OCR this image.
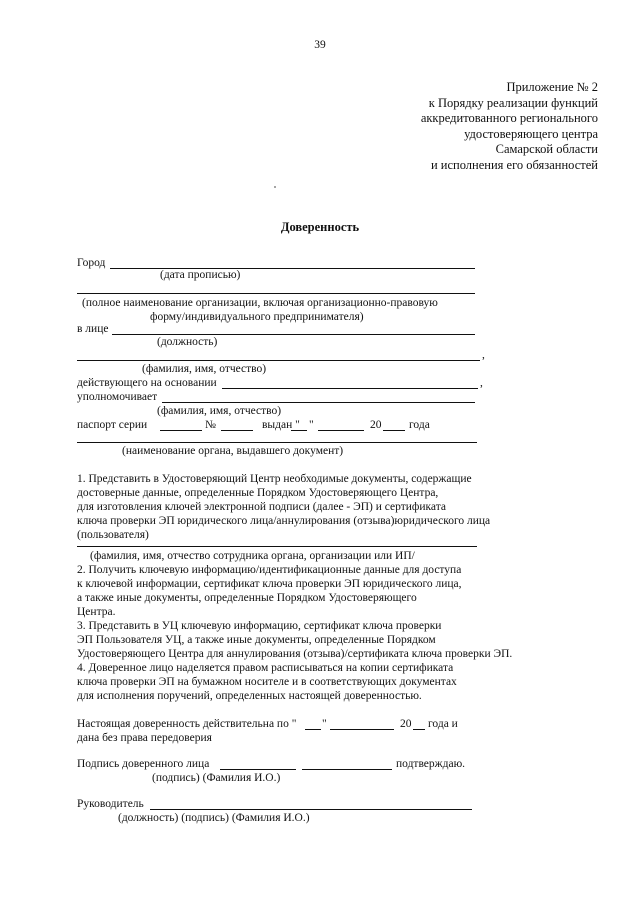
39
Приложение № 2
к Порядку реализации функций
аккредитованного регионального
удостоверяющего центра
Самарской области
и исполнения его обязанностей
Доверенность
Город
(дата прописью)
(полное наименование организации, включая организационно-правовую
форму/индивидуального предпринимателя)
в лице
(должность)
,
(фамилия, имя, отчество)
действующего на основании	,
уполномочивает
(фамилия, имя, отчество)
паспорт серии	№	выдан " "	20 года
(наименование органа, выдавшего документ)
1. Представить в Удостоверяющий Центр необходимые документы, содержащие
достоверные данные, определенные Порядком Удостоверяющего Центра,
для изготовления ключей электронной подписи (далее - ЭП) и сертификата
ключа проверки ЭП юридического лица/аннулирования (отзыва)юридического лица
(пользователя)
(фамилия, имя, отчество сотрудника органа, организации или ИП/
2. Получить ключевую информацию/идентификационные данные для доступа
к ключевой информации, сертификат ключа проверки ЭП юридического лица,
а также иные документы, определенные Порядком Удостоверяющего
Центра.
3. Представить в УЦ ключевую информацию, сертификат ключа проверки
ЭП Пользователя УЦ, а также иные документы, определенные Порядком
Удостоверяющего Центра для аннулирования (отзыва)/сертификата ключа проверки ЭП.
4. Доверенное лицо наделяется правом расписываться на копии сертификата
ключа проверки ЭП на бумажном носителе и в соответствующих документах
для исполнения поручений, определенных настоящей доверенностью.
Настоящая доверенность действительна по " "	20 года и
дана без права передоверия
Подпись доверенного лица	подтверждаю.
(подпись) (Фамилия И.О.)
Руководитель
(должность) (подпись) (Фамилия И.О.)
